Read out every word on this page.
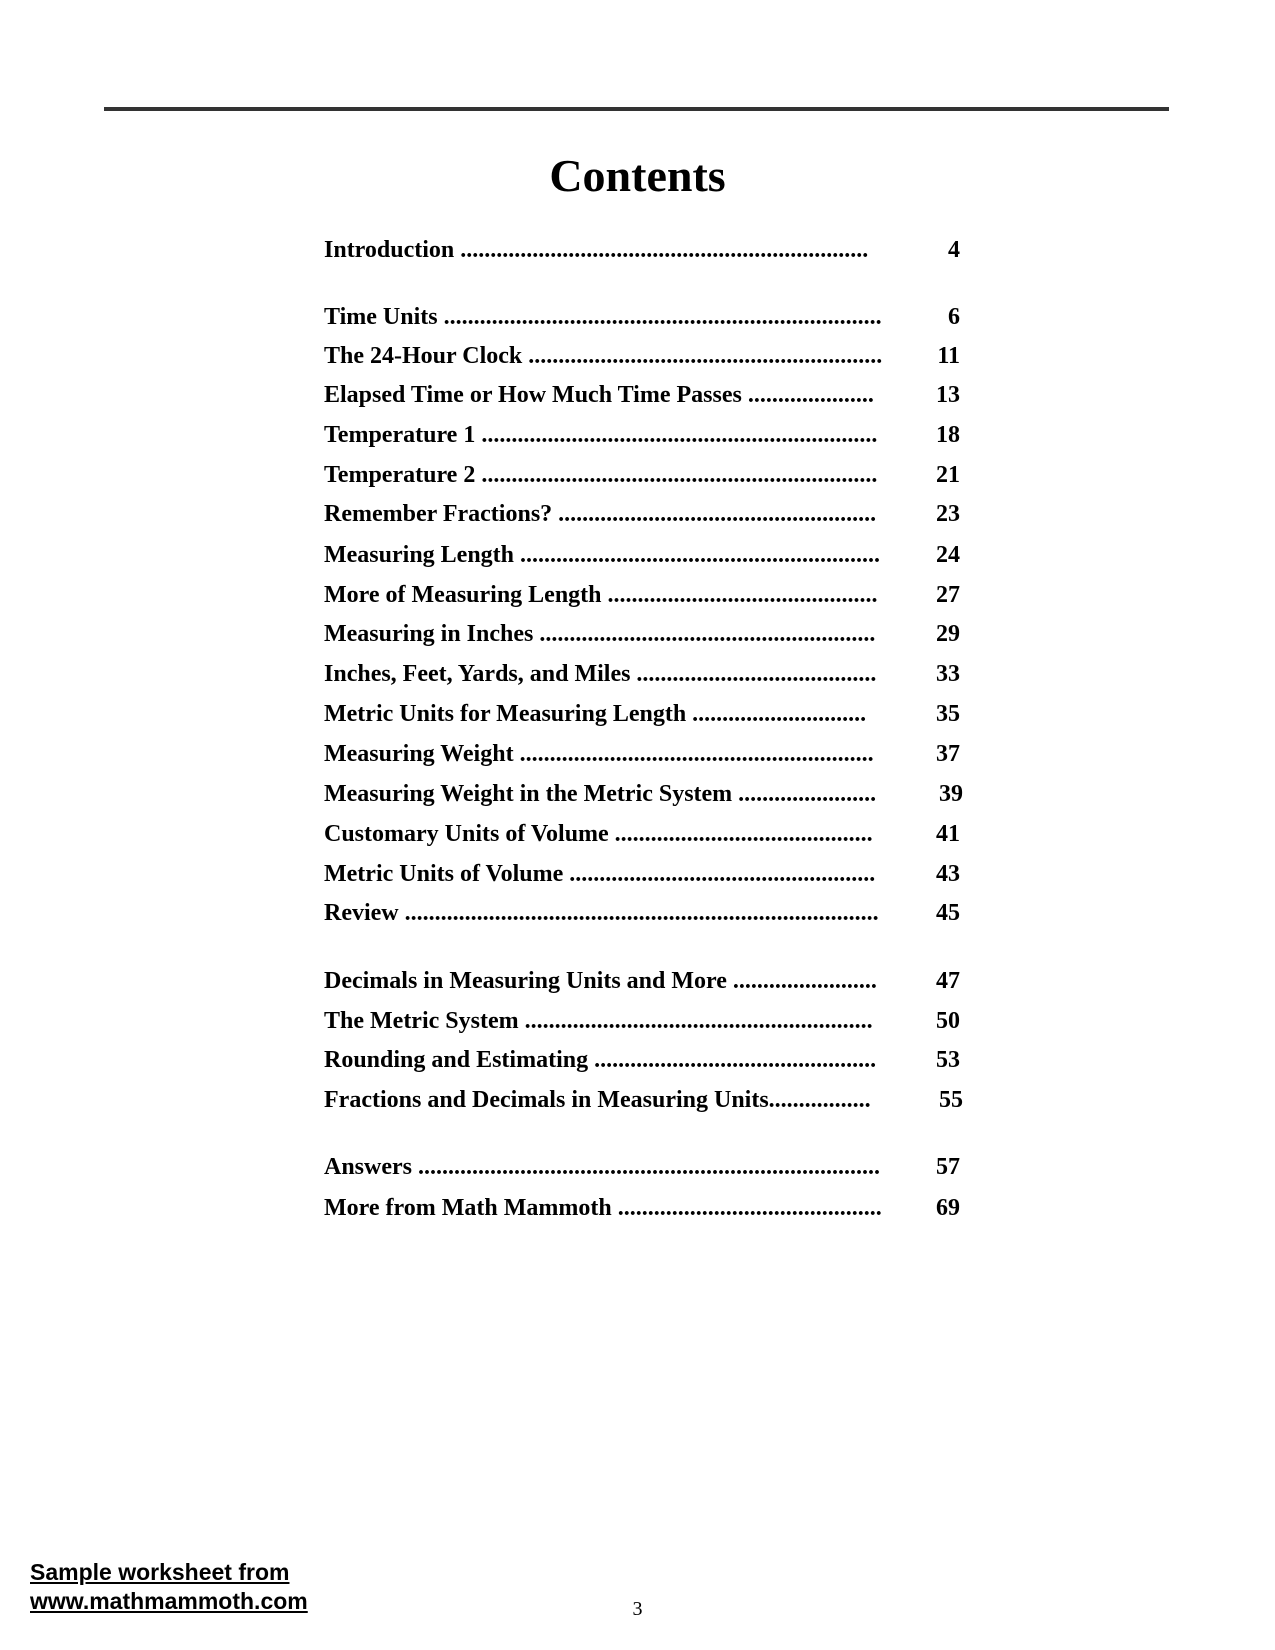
Contents
Introduction ....................................................................	4
Time Units .........................................................................	6
The 24-Hour Clock ...........................................................	11
Elapsed Time or How Much Time Passes .....................	13
Temperature 1 ..................................................................	18
Temperature 2 ..................................................................	21
Remember Fractions? .....................................................	23
Measuring Length ............................................................	24
More of Measuring Length .............................................	27
Measuring in Inches ........................................................	29
Inches, Feet, Yards, and Miles ........................................	33
Metric Units for Measuring Length .............................	35
Measuring Weight ...........................................................	37
Measuring Weight in the Metric System .......................	39
Customary Units of Volume ...........................................	41
Metric Units of Volume ...................................................	43
Review ...............................................................................	45
Decimals in Measuring Units and More ........................	47
The Metric System ..........................................................	50
Rounding and Estimating ...............................................	53
Fractions and Decimals in Measuring Units.................	55
Answers .............................................................................	57
More from Math Mammoth ............................................	69
Sample worksheet from
www.mathmammoth.com	3
